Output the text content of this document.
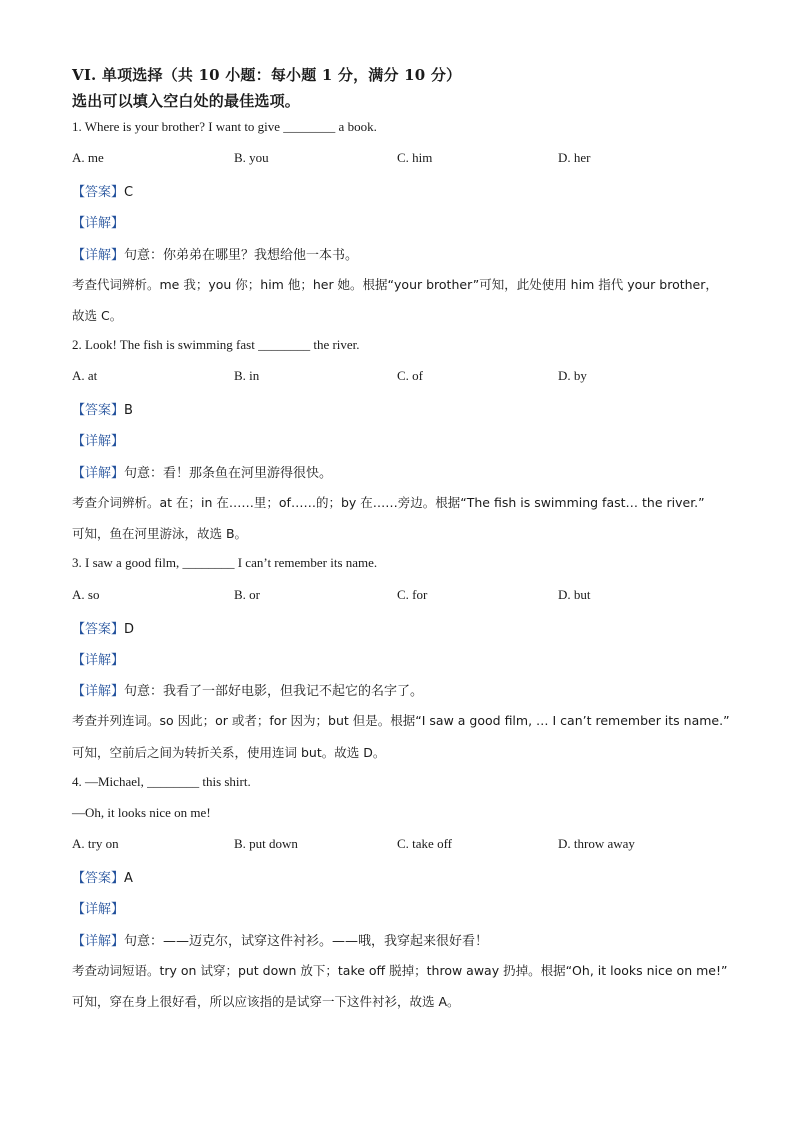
VI. 单项选择（共 10 小题：每小题 1 分，满分 10 分）
选出可以填入空白处的最佳选项。
1. Where is your brother? I want to give ________ a book.
A. me	B. you	C. him	D. her
【答案】C
【详解】
【详解】句意：你弟弟在哪里？我想给他一本书。
考查代词辨析。me 我；you 你；him 他；her 她。根据“your brother”可知，此处使用 him 指代 your brother，
故选 C。
2. Look! The fish is swimming fast ________ the river.
A. at	B. in	C. of	D. by
【答案】B
【详解】
【详解】句意：看！那条鱼在河里游得很快。
考查介词辨析。at 在；in 在……里；of……的；by 在……旁边。根据“The fish is swimming fast… the river.”
可知，鱼在河里游泳，故选 B。
3. I saw a good film, ________ I can’t remember its name.
A. so	B. or	C. for	D. but
【答案】D
【详解】
【详解】句意：我看了一部好电影，但我记不起它的名字了。
考查并列连词。so 因此；or 或者；for 因为；but 但是。根据“I saw a good film, … I can’t remember its name.”
可知，空前后之间为转折关系，使用连词 but。故选 D。
4. —Michael, ________ this shirt.
—Oh, it looks nice on me!
A. try on	B. put down	C. take off	D. throw away
【答案】A
【详解】
【详解】句意：——迈克尔，试穿这件衬衫。——哦，我穿起来很好看！
考查动词短语。try on 试穿；put down 放下；take off 脱掉；throw away 扔掉。根据“Oh, it looks nice on me!”
可知，穿在身上很好看，所以应该指的是试穿一下这件衬衫，故选 A。
